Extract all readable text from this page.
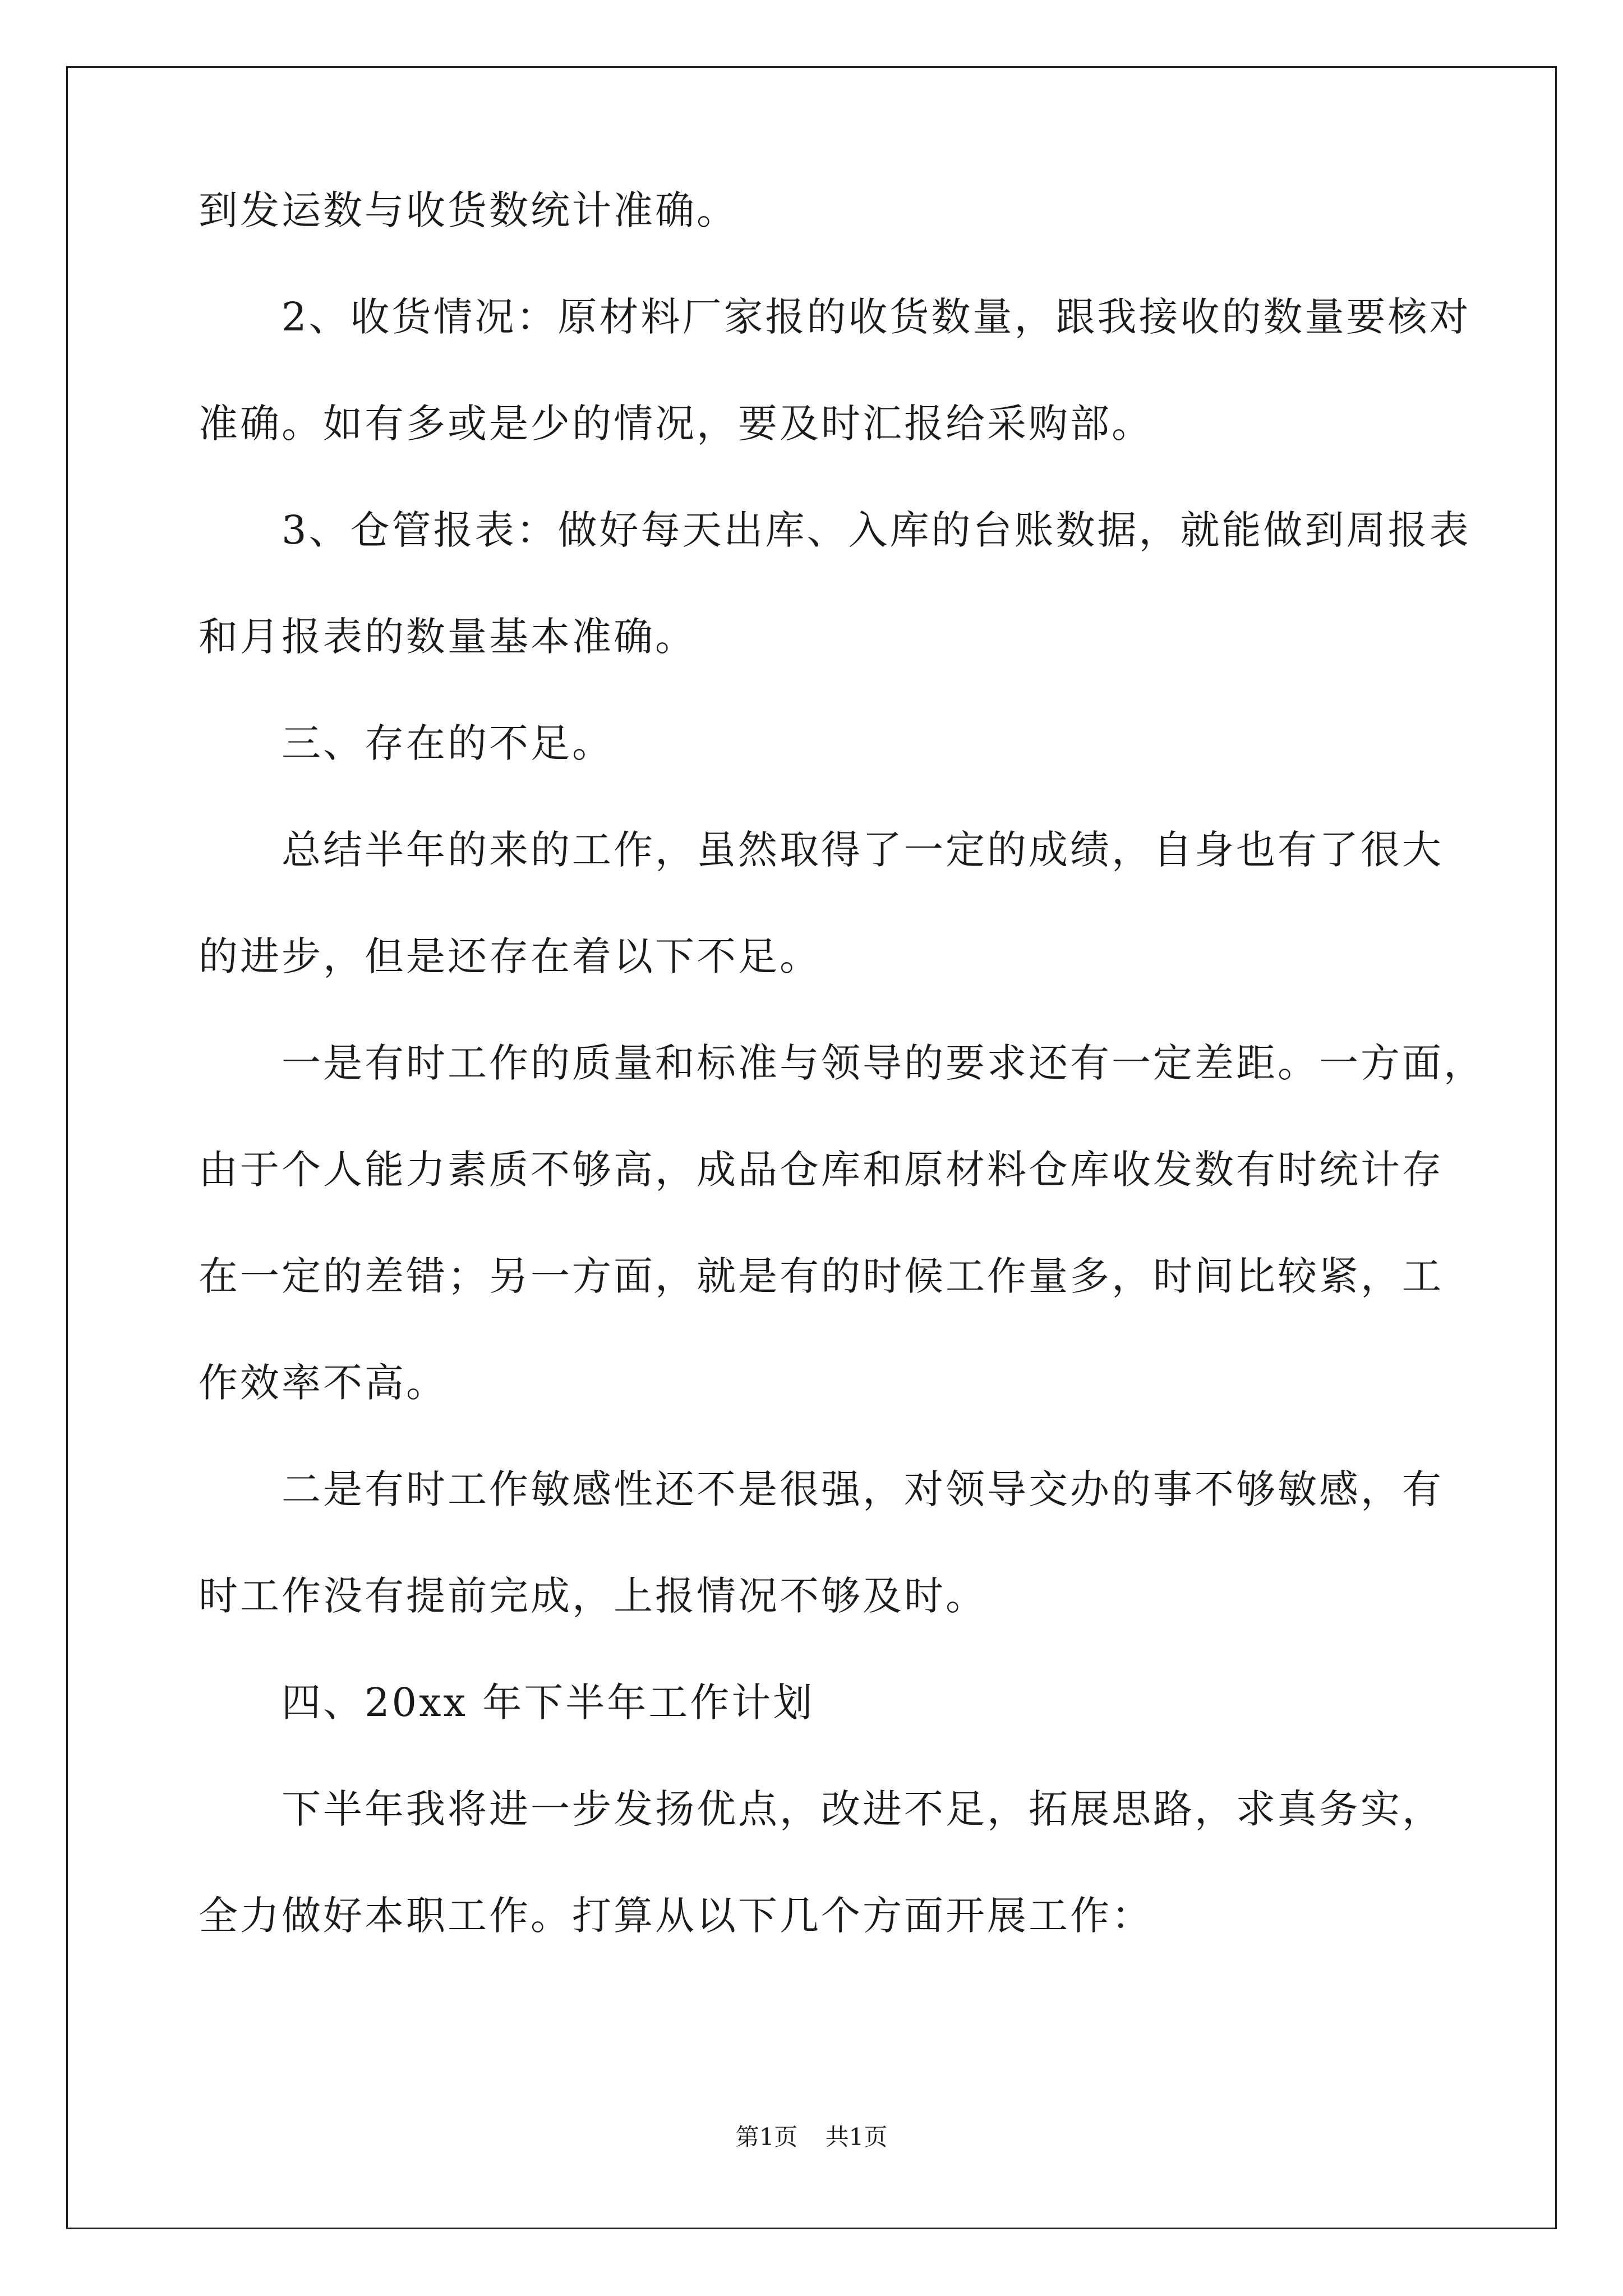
到发运数与收货数统计准确。
2、收货情况：原材料厂家报的收货数量，跟我接收的数量要核对
准确。如有多或是少的情况，要及时汇报给采购部。
3、仓管报表：做好每天出库、入库的台账数据，就能做到周报表
和月报表的数量基本准确。
三、存在的不足。
总结半年的来的工作，虽然取得了一定的成绩，自身也有了很大
的进步，但是还存在着以下不足。
一是有时工作的质量和标准与领导的要求还有一定差距。一方面，
由于个人能力素质不够高，成品仓库和原材料仓库收发数有时统计存
在一定的差错；另一方面，就是有的时候工作量多，时间比较紧，工
作效率不高。
二是有时工作敏感性还不是很强，对领导交办的事不够敏感，有
时工作没有提前完成，上报情况不够及时。
四、20xx 年下半年工作计划
下半年我将进一步发扬优点，改进不足，拓展思路，求真务实，
全力做好本职工作。打算从以下几个方面开展工作：
第1页 共1页
